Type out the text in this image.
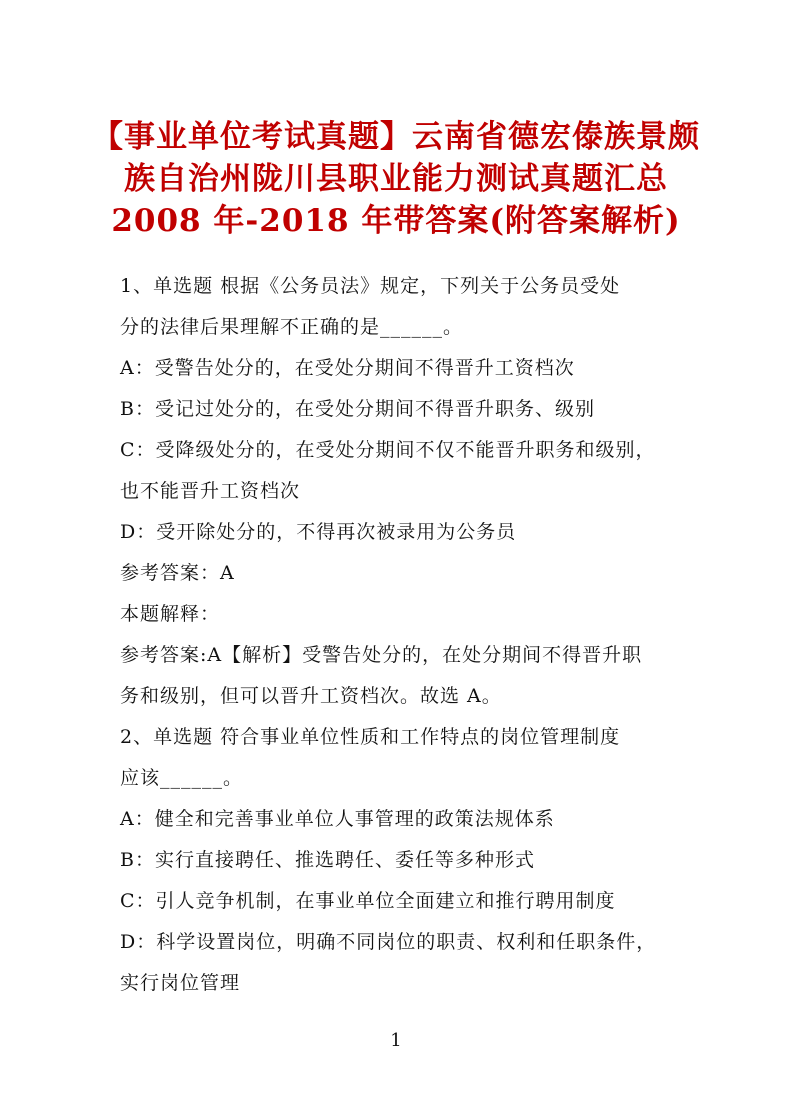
【事业单位考试真题】云南省德宏傣族景颇
族自治州陇川县职业能力测试真题汇总
2008 年-2018 年带答案(附答案解析)
1、单选题 根据《公务员法》规定，下列关于公务员受处
分的法律后果理解不正确的是______。
A：受警告处分的，在受处分期间不得晋升工资档次
B：受记过处分的，在受处分期间不得晋升职务、级别
C：受降级处分的，在受处分期间不仅不能晋升职务和级别，
也不能晋升工资档次
D：受开除处分的，不得再次被录用为公务员
参考答案：A
本题解释：
参考答案:A【解析】受警告处分的，在处分期间不得晋升职
务和级别，但可以晋升工资档次。故选 A。
2、单选题 符合事业单位性质和工作特点的岗位管理制度
应该______。
A：健全和完善事业单位人事管理的政策法规体系
B：实行直接聘任、推选聘任、委任等多种形式
C：引人竞争机制，在事业单位全面建立和推行聘用制度
D：科学设置岗位，明确不同岗位的职责、权利和任职条件，
实行岗位管理
1
